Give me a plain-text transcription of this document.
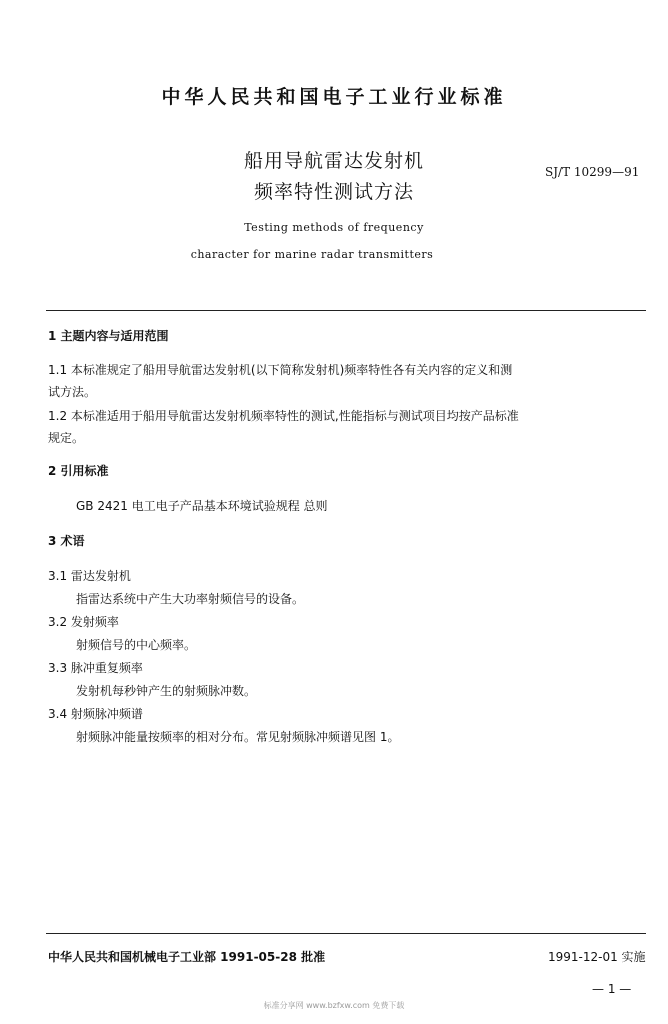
中华人民共和国电子工业行业标准
船用导航雷达发射机
频率特性测试方法
SJ/T 10299—91
Testing methods of frequency
character for marine radar transmitters
1 主题内容与适用范围
1.1 本标准规定了船用导航雷达发射机(以下简称发射机)频率特性各有关内容的定义和测
试方法。
1.2 本标准适用于船用导航雷达发射机频率特性的测试,性能指标与测试项目均按产品标准
规定。
2 引用标准
GB 2421 电工电子产品基本环境试验规程 总则
3 术语
3.1 雷达发射机
指雷达系统中产生大功率射频信号的设备。
3.2 发射频率
射频信号的中心频率。
3.3 脉冲重复频率
发射机每秒钟产生的射频脉冲数。
3.4 射频脉冲频谱
射频脉冲能量按频率的相对分布。常见射频脉冲频谱见图 1。
中华人民共和国机械电子工业部 1991-05-28 批准	1991-12-01 实施
— 1 —
标准分享网 www.bzfxw.com 免费下载
